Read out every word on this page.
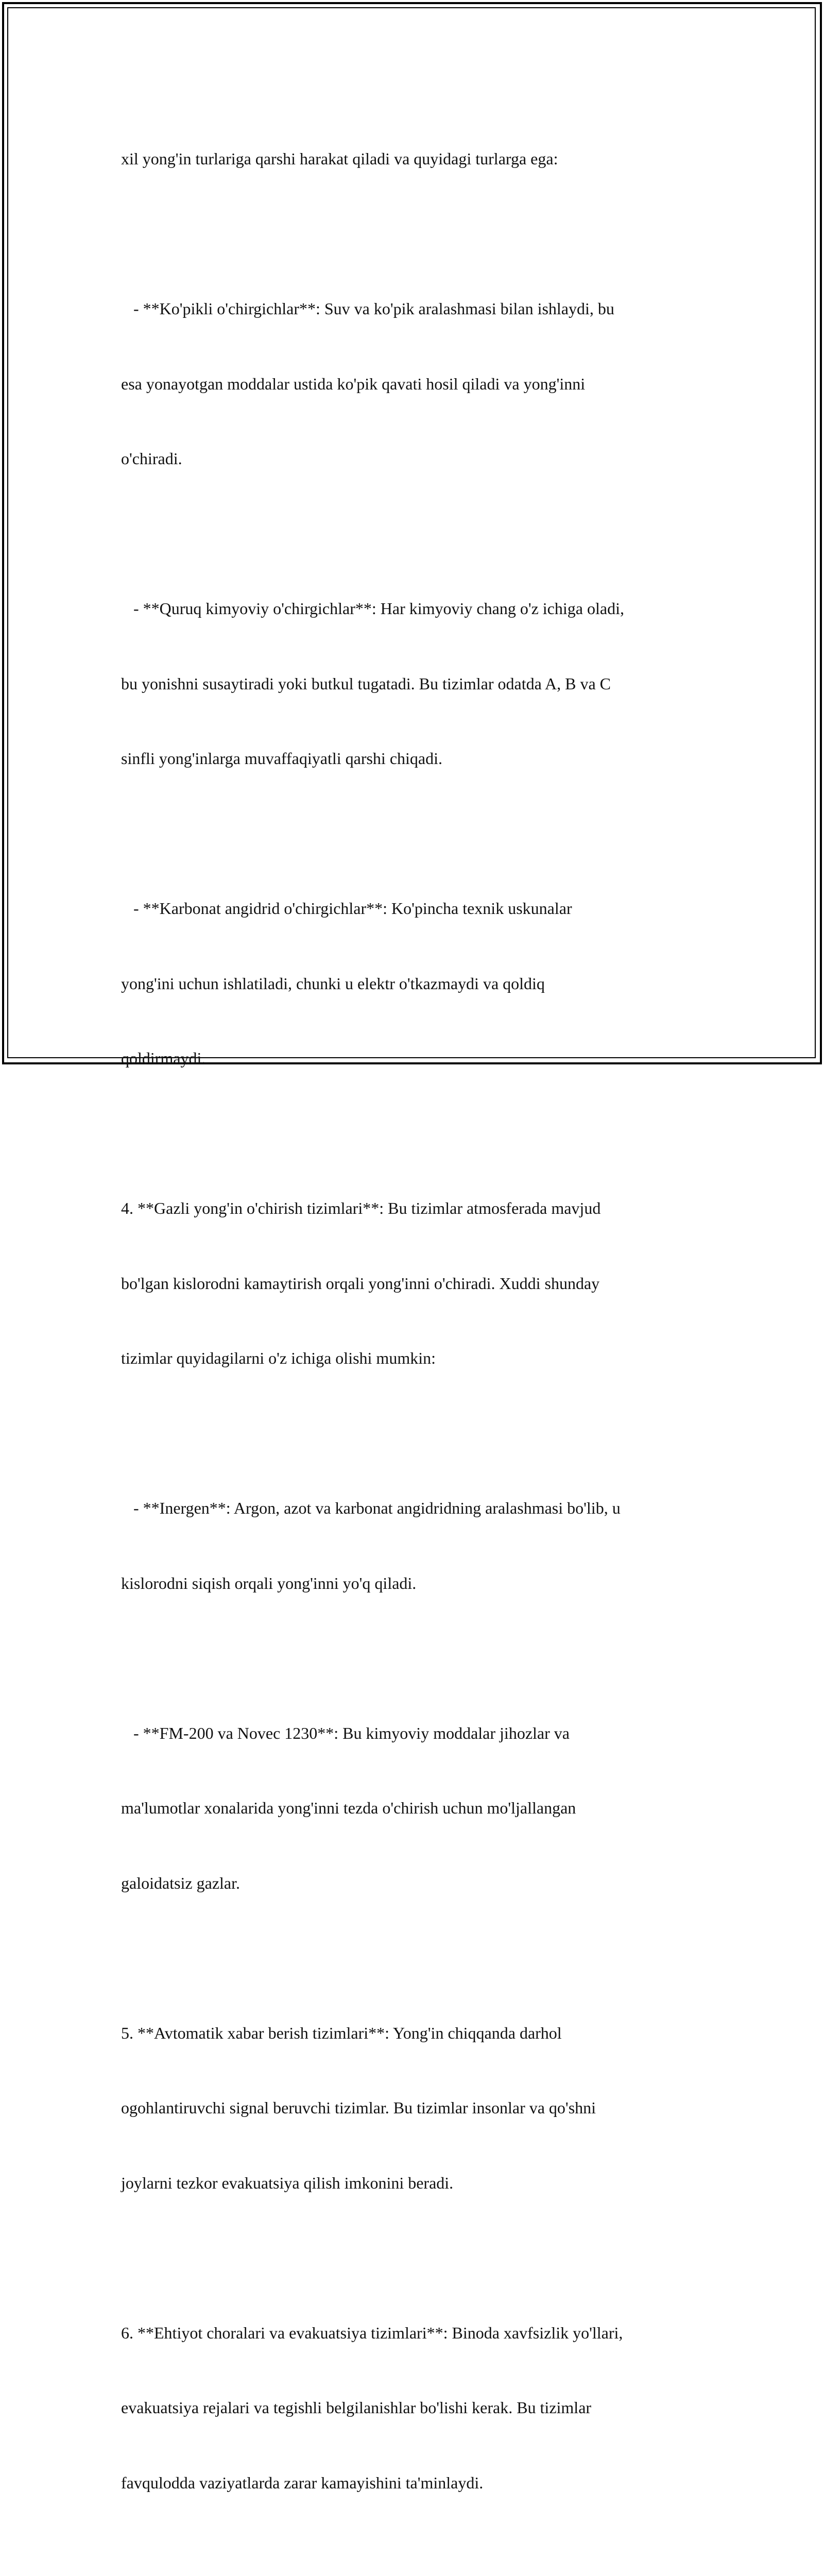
xil yong'in turlariga qarshi harakat qiladi va quyidagi turlarga ega:

- **Ko'pikli o'chirgichlar**: Suv va ko'pik aralashmasi bilan ishlaydi, bu

esa yonayotgan moddalar ustida ko'pik qavati hosil qiladi va yong'inni

o'chiradi.

- **Quruq kimyoviy o'chirgichlar**: Har kimyoviy chang o'z ichiga oladi,

bu yonishni susaytiradi yoki butkul tugatadi. Bu tizimlar odatda A, B va C

sinfli yong'inlarga muvaffaqiyatli qarshi chiqadi.

- **Karbonat angidrid o'chirgichlar**: Ko'pincha texnik uskunalar

yong'ini uchun ishlatiladi, chunki u elektr o'tkazmaydi va qoldiq

qoldirmaydi.

4. **Gazli yong'in o'chirish tizimlari**: Bu tizimlar atmosferada mavjud

bo'lgan kislorodni kamaytirish orqali yong'inni o'chiradi. Xuddi shunday

tizimlar quyidagilarni o'z ichiga olishi mumkin:

- **Inergen**: Argon, azot va karbonat angidridning aralashmasi bo'lib, u

kislorodni siqish orqali yong'inni yo'q qiladi.

- **FM-200 va Novec 1230**: Bu kimyoviy moddalar jihozlar va

ma'lumotlar xonalarida yong'inni tezda o'chirish uchun mo'ljallangan

galoidatsiz gazlar.

5. **Avtomatik xabar berish tizimlari**: Yong'in chiqqanda darhol

ogohlantiruvchi signal beruvchi tizimlar. Bu tizimlar insonlar va qo'shni

joylarni tezkor evakuatsiya qilish imkonini beradi.

6. **Ehtiyot choralari va evakuatsiya tizimlari**: Binoda xavfsizlik yo'llari,

evakuatsiya rejalari va tegishli belgilanishlar bo'lishi kerak. Bu tizimlar

favqulodda vaziyatlarda zarar kamayishini ta'minlaydi.
